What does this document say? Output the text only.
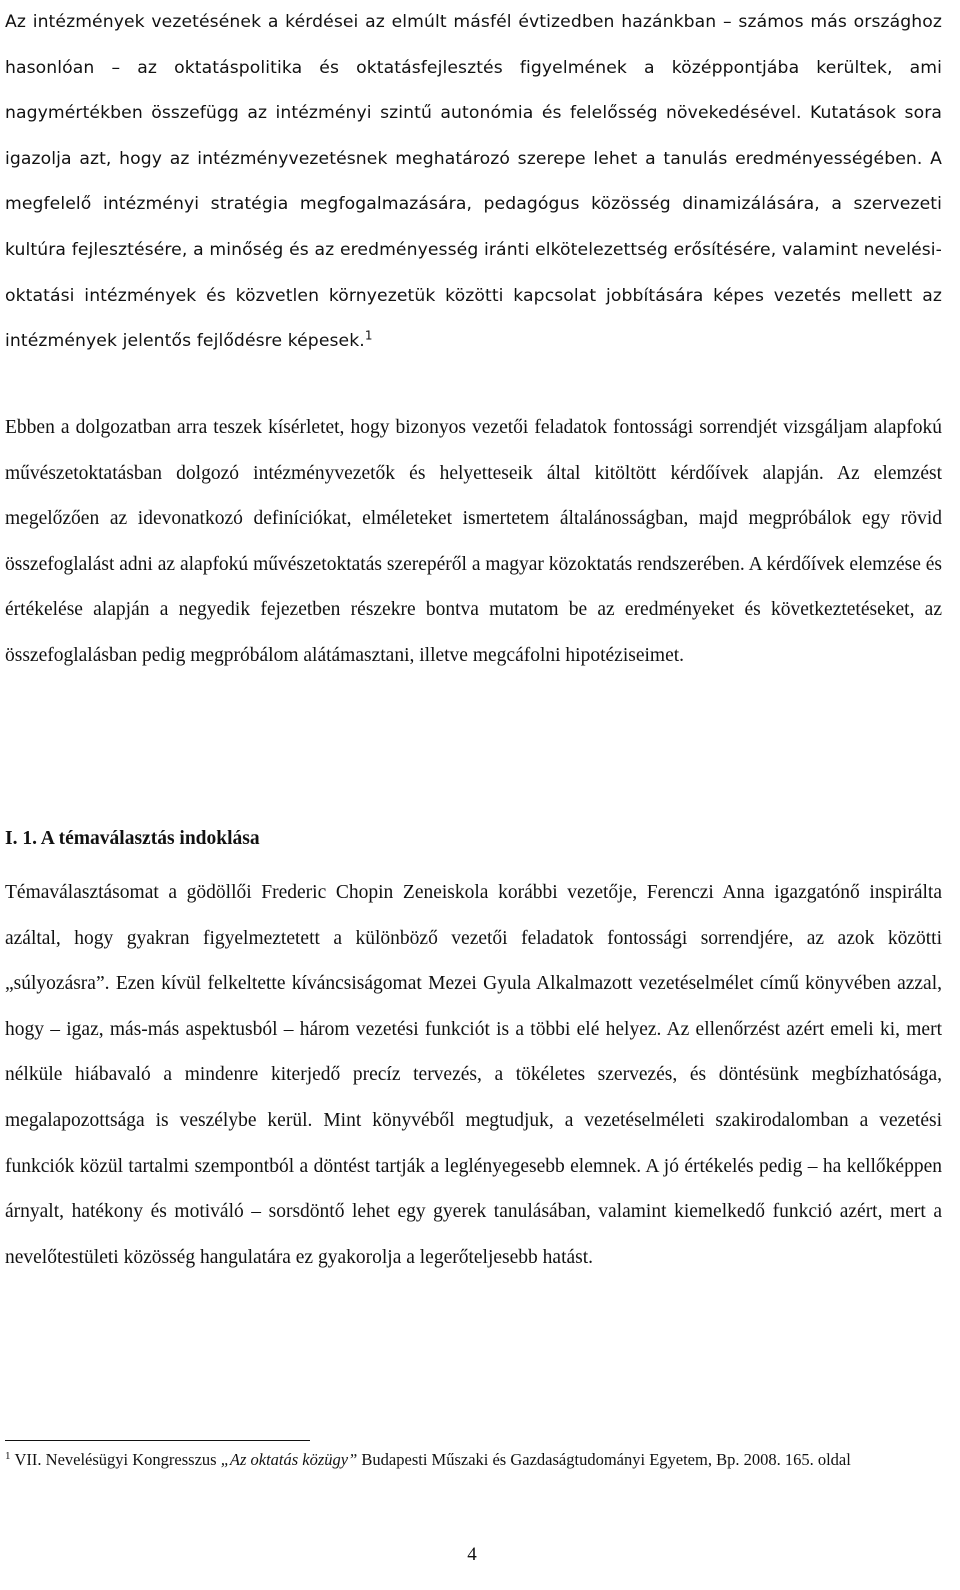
Az intézmények vezetésének a kérdései az elmúlt másfél évtizedben hazánkban – számos más országhoz hasonlóan – az oktatáspolitika és oktatásfejlesztés figyelmének a középpontjába kerültek, ami nagymértékben összefügg az intézményi szintű autonómia és felelősség növekedésével. Kutatások sora igazolja azt, hogy az intézményvezetésnek meghatározó szerepe lehet a tanulás eredményességében. A megfelelő intézményi stratégia megfogalmazására, pedagógus közösség dinamizálására, a szervezeti kultúra fejlesztésére, a minőség és az eredményesség iránti elkötelezettség erősítésére, valamint nevelési-oktatási intézmények és közvetlen környezetük közötti kapcsolat jobbítására képes vezetés mellett az intézmények jelentős fejlődésre képesek.$^1$

Ebben a dolgozatban arra teszek kísérletet, hogy bizonyos vezetői feladatok fontossági sorrendjét vizsgáljam alapfokú művészetoktatásban dolgozó intézményvezetők és helyetteseik által kitöltött kérdőívek alapján. Az elemzést megelőzően az idevonatkozó definíciókat, elméleteket ismertetem általánosságban, majd megpróbálok egy rövid összefoglalást adni az alapfokú művészetoktatás szerepéről a magyar közoktatás rendszerében. A kérdőívek elemzése és értékelése alapján a negyedik fejezetben részekre bontva mutatom be az eredményeket és következtetéseket, az összefoglalásban pedig megpróbálom alátámasztani, illetve megcáfolni hipotéziseimet.

I. 1. A témaválasztás indoklása

Témaválasztásomat a gödöllői Frederic Chopin Zeneiskola korábbi vezetője, Ferenczi Anna igazgatónő inspirálta azáltal, hogy gyakran figyelmeztetett a különböző vezetői feladatok fontossági sorrendjére, az azok közötti „súlyozásra”. Ezen kívül felkeltette kíváncsiságomat Mezei Gyula Alkalmazott vezetéselmélet című könyvében azzal, hogy – igaz, más-más aspektusból – három vezetési funkciót is a többi elé helyez. Az ellenőrzést azért emeli ki, mert nélküle hiábavaló a mindenre kiterjedő precíz tervezés, a tökéletes szervezés, és döntésünk megbízhatósága, megalapozottsága is veszélybe kerül. Mint könyvéből megtudjuk, a vezetéselméleti szakirodalomban a vezetési funkciók közül tartalmi szempontból a döntést tartják a leglényegesebb elemnek. A jó értékelés pedig – ha kellőképpen árnyalt, hatékony és motiváló – sorsdöntő lehet egy gyerek tanulásában, valamint kiemelkedő funkció azért, mert a nevelőtestületi közösség hangulatára ez gyakorolja a legerőteljesebb hatást.

$^1$ VII. Nevelésügyi Kongresszus „Az oktatás közügy” Budapesti Műszaki és Gazdaságtudományi Egyetem, Bp. 2008. 165. oldal

4
